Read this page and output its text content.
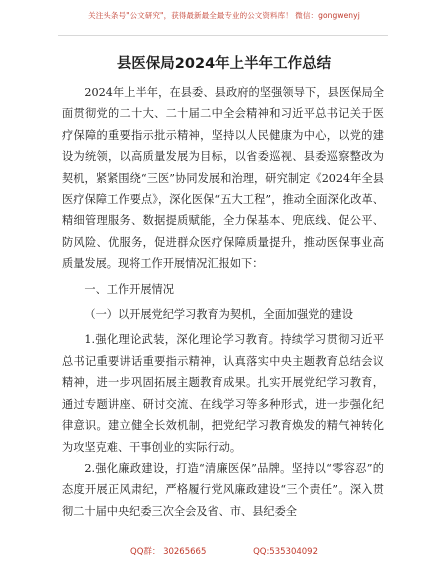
关注头条号"公文研究"，获得最新最全最专业的公文资料库！ 微信：gongwenyj
县医保局2024年上半年工作总结

2024年上半年，在县委、县政府的坚强领导下，县医保局全面贯彻党的二十大、二十届二中全会精神和习近平总书记关于医疗保障的重要指示批示精神，坚持以人民健康为中心，以党的建设为统领，以高质量发展为目标，以省委巡视、县委巡察整改为契机，紧紧围绕“三医”协同发展和治理，研究制定《2024年全县医疗保障工作要点》，深化医保“五大工程”，推动全面深化改革、精细管理服务、数据提质赋能，全力保基本、兜底线、促公平、防风险、优服务，促进群众医疗保障质量提升，推动医保事业高质量发展。现将工作开展情况汇报如下：

一、工作开展情况

（一）以开展党纪学习教育为契机，全面加强党的建设

1.强化理论武装，深化理论学习教育。持续学习贯彻习近平总书记重要讲话重要指示精神，认真落实中央主题教育总结会议精神，进一步巩固拓展主题教育成果。扎实开展党纪学习教育，通过专题讲座、研讨交流、在线学习等多种形式，进一步强化纪律意识。建立健全长效机制，把党纪学习教育焕发的精气神转化为攻坚克难、干事创业的实际行动。

2.强化廉政建设，打造“清廉医保”品牌。坚持以“零容忍”的态度开展正风肃纪，严格履行党风廉政建设“三个责任”。深入贯彻二十届中央纪委三次全会及省、市、县纪委全

QQ群： 30265665	QQ:535304092
